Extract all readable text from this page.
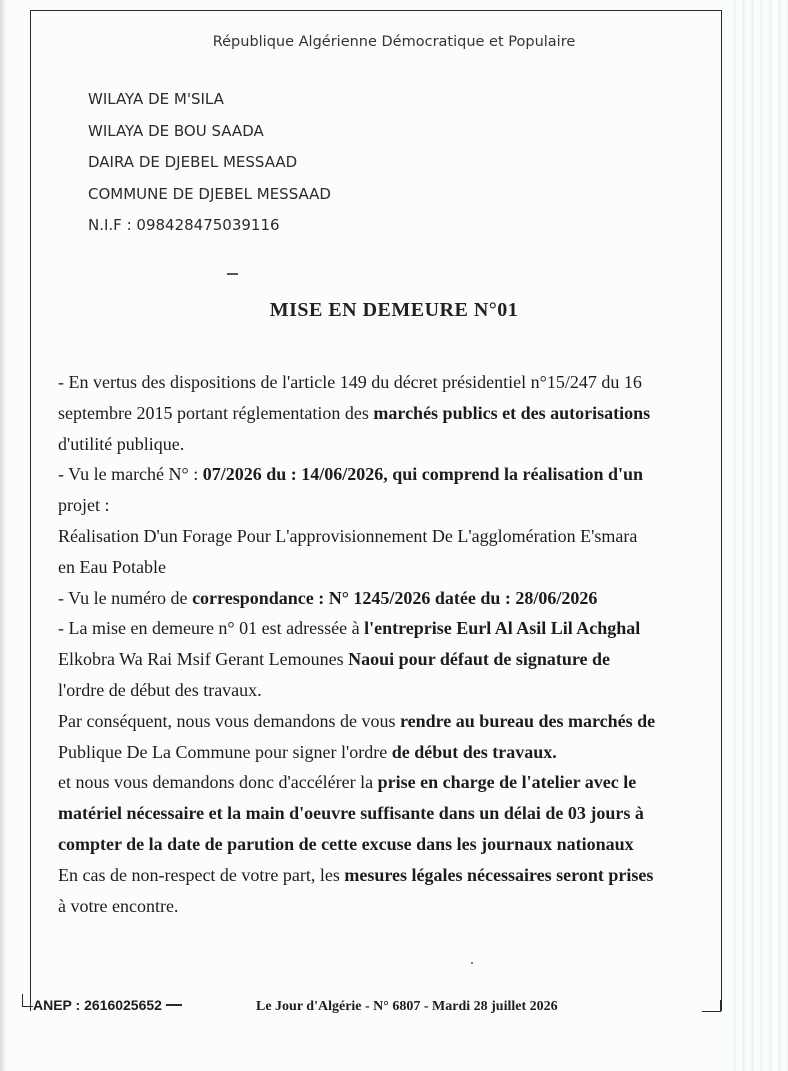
République Algérienne Démocratique et Populaire
WILAYA DE M'SILA
WILAYA DE BOU SAADA
DAIRA DE DJEBEL MESSAAD
COMMUNE DE DJEBEL MESSAAD
N.I.F : 098428475039116
MISE EN DEMEURE N°01

- En vertus des dispositions de l'article 149 du décret présidentiel n°15/247 du 16

septembre 2015 portant réglementation des marchés publics et des autorisations

d'utilité publique.

- Vu le marché N° : 07/2026 du : 14/06/2026, qui comprend la réalisation d'un

projet :

Réalisation D'un Forage Pour L'approvisionnement De L'agglomération E'smara

en Eau Potable

- Vu le numéro de correspondance : N° 1245/2026 datée du : 28/06/2026

- La mise en demeure n° 01 est adressée à l'entreprise Eurl Al Asil Lil Achghal

Elkobra Wa Rai Msif Gerant Lemounes Naoui pour défaut de signature de

l'ordre de début des travaux.

Par conséquent, nous vous demandons de vous rendre au bureau des marchés de

Publique De La Commune pour signer l'ordre de début des travaux.

et nous vous demandons donc d'accélérer la prise en charge de l'atelier avec le

matériel nécessaire et la main d'oeuvre suffisante dans un délai de 03 jours à

compter de la date de parution de cette excuse dans les journaux nationaux

En cas de non-respect de votre part, les mesures légales nécessaires seront prises

à votre encontre.

ANEP : 2616025652	Le Jour d'Algérie - N° 6807 - Mardi 28 juillet 2026
